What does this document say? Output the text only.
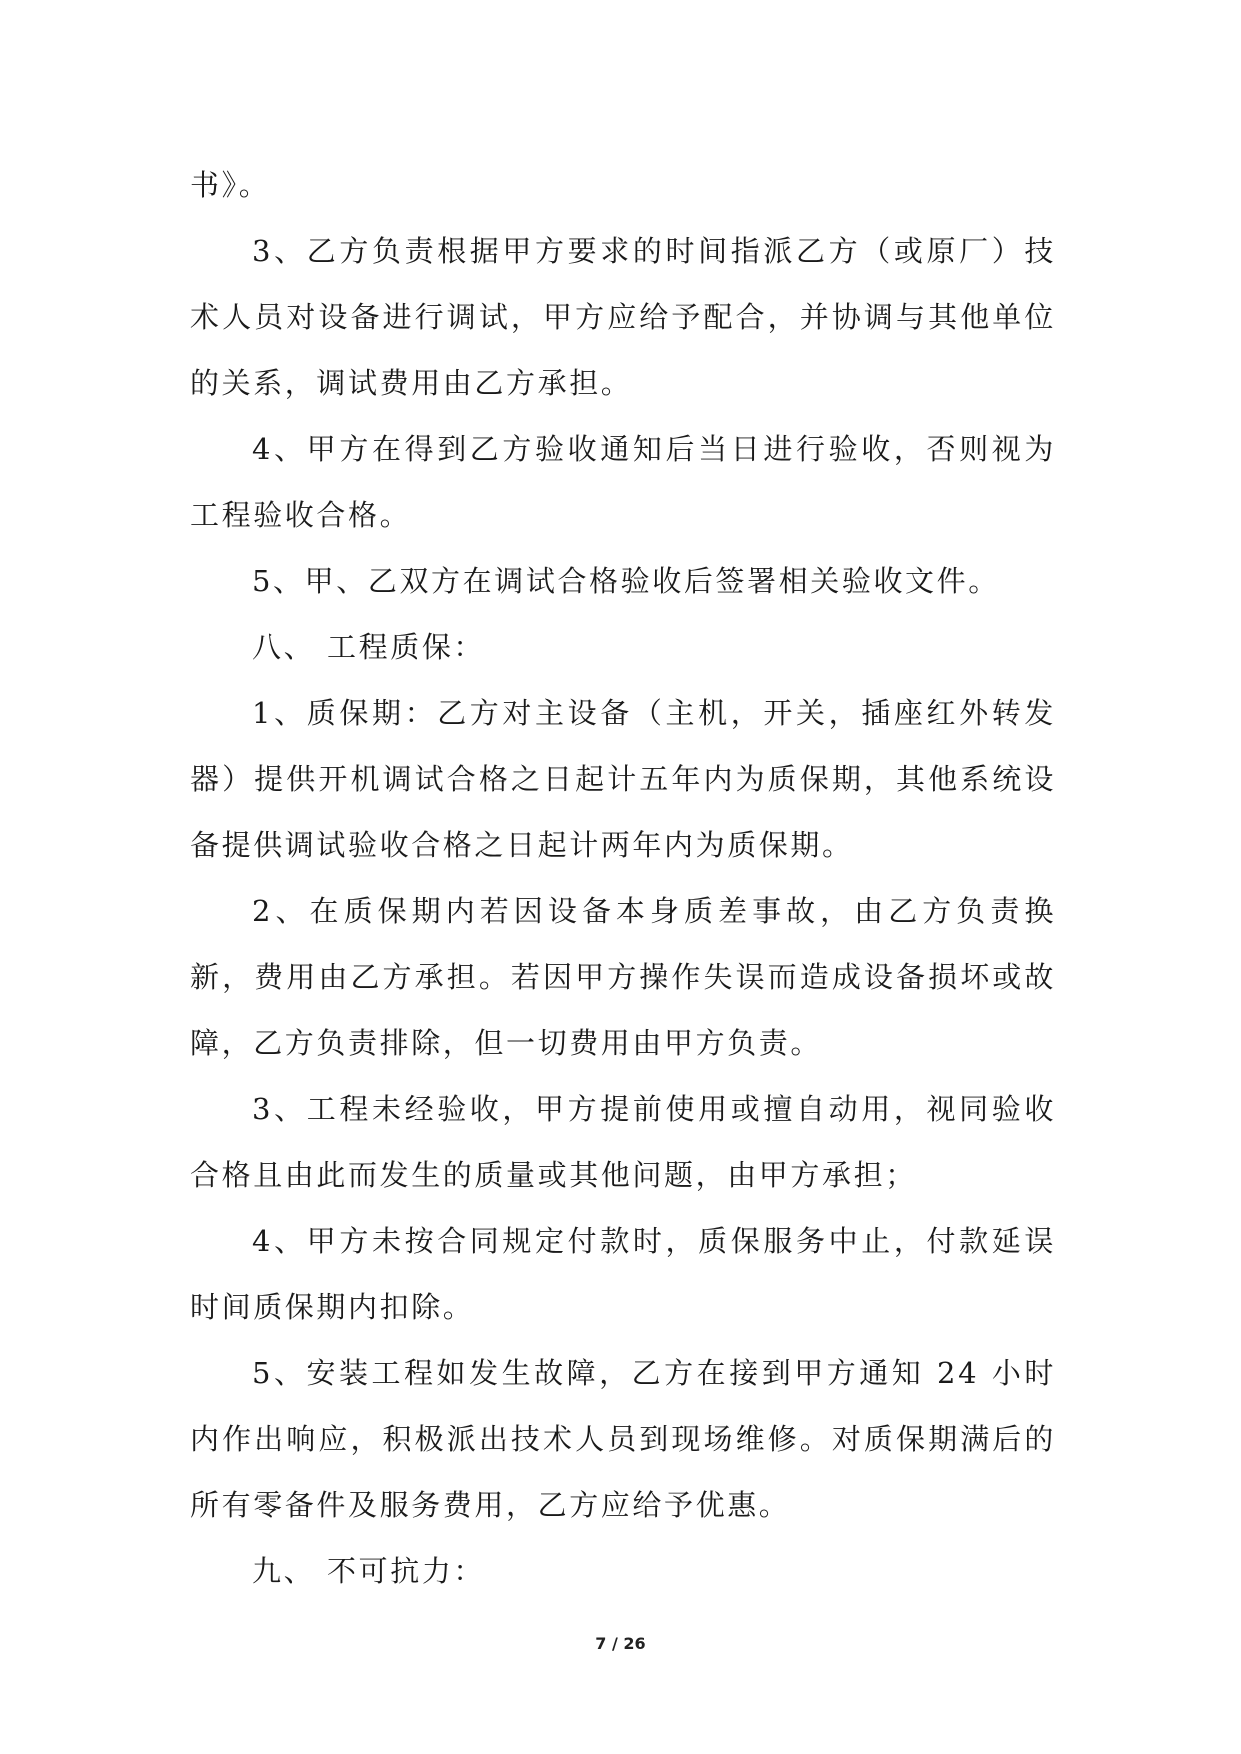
书》。

3、乙方负责根据甲方要求的时间指派乙方（或原厂）技术人员对设备进行调试，甲方应给予配合，并协调与其他单位的关系，调试费用由乙方承担。

4、甲方在得到乙方验收通知后当日进行验收，否则视为工程验收合格。

5、甲、乙双方在调试合格验收后签署相关验收文件。

八、 工程质保：

1、质保期：乙方对主设备（主机，开关，插座红外转发器）提供开机调试合格之日起计五年内为质保期，其他系统设备提供调试验收合格之日起计两年内为质保期。

2、在质保期内若因设备本身质差事故，由乙方负责换新，费用由乙方承担。若因甲方操作失误而造成设备损坏或故障，乙方负责排除，但一切费用由甲方负责。

3、工程未经验收，甲方提前使用或擅自动用，视同验收合格且由此而发生的质量或其他问题，由甲方承担；

4、甲方未按合同规定付款时，质保服务中止，付款延误时间质保期内扣除。

5、安装工程如发生故障，乙方在接到甲方通知 24 小时内作出响应，积极派出技术人员到现场维修。对质保期满后的所有零备件及服务费用，乙方应给予优惠。

九、 不可抗力：

7 / 26
